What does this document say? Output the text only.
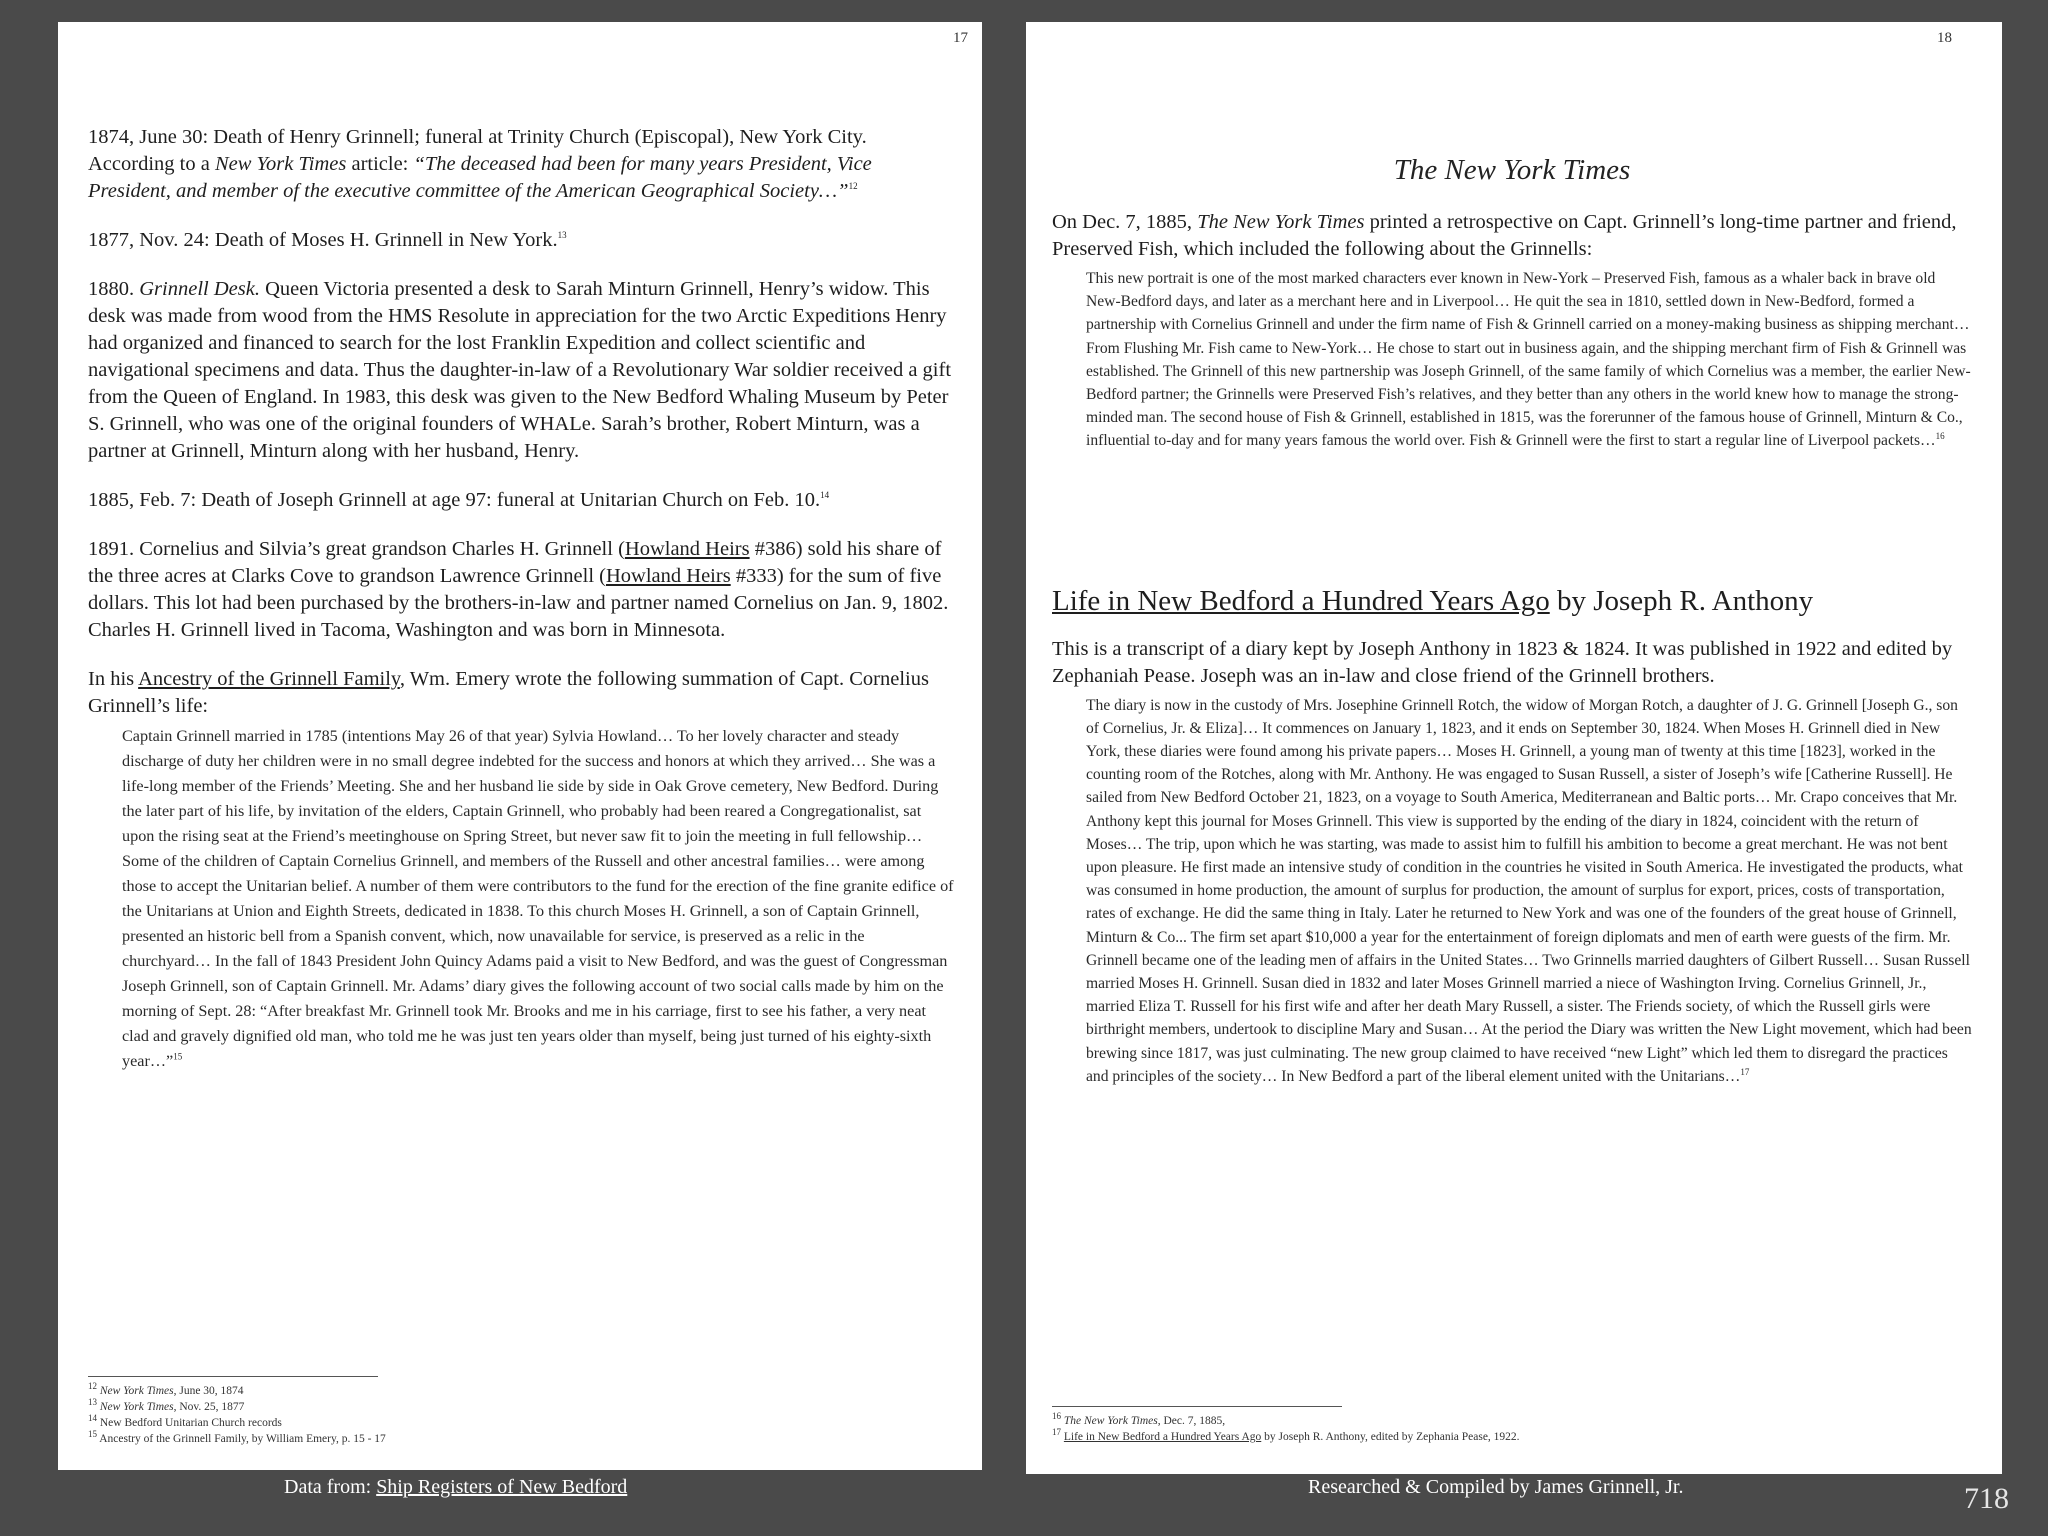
17

1874, June 30: Death of Henry Grinnell; funeral at Trinity Church (Episcopal), New York City. According to a New York Times article: “The deceased had been for many years President, Vice President, and member of the executive committee of the American Geographical Society…”$^{12}$

1877, Nov. 24: Death of Moses H. Grinnell in New York.$^{13}$

1880. Grinnell Desk. Queen Victoria presented a desk to Sarah Minturn Grinnell, Henry’s widow. This desk was made from wood from the HMS Resolute in appreciation for the two Arctic Expeditions Henry had organized and financed to search for the lost Franklin Expedition and collect scientific and navigational specimens and data. Thus the daughter-in-law of a Revolutionary War soldier received a gift from the Queen of England. In 1983, this desk was given to the New Bedford Whaling Museum by Peter S. Grinnell, who was one of the original founders of WHALe. Sarah’s brother, Robert Minturn, was a partner at Grinnell, Minturn along with her husband, Henry.

1885, Feb. 7: Death of Joseph Grinnell at age 97: funeral at Unitarian Church on Feb. 10.14

1891. Cornelius and Silvia’s great grandson Charles H. Grinnell (Howland Heirs #386) sold his share of the three acres at Clarks Cove to grandson Lawrence Grinnell (Howland Heirs #333) for the sum of five dollars. This lot had been purchased by the brothers-in-law and partner named Cornelius on Jan. 9, 1802. Charles H. Grinnell lived in Tacoma, Washington and was born in Minnesota.

In his Ancestry of the Grinnell Family, Wm. Emery wrote the following summation of Capt. Cornelius Grinnell’s life:

Captain Grinnell married in 1785 (intentions May 26 of that year) Sylvia Howland… To her lovely character and steady discharge of duty her children were in no small degree indebted for the success and honors at which they arrived… She was a life-long member of the Friends’ Meeting. She and her husband lie side by side in Oak Grove cemetery, New Bedford. During the later part of his life, by invitation of the elders, Captain Grinnell, who probably had been reared a Congregationalist, sat upon the rising seat at the Friend’s meetinghouse on Spring Street, but never saw fit to join the meeting in full fellowship… Some of the children of Captain Cornelius Grinnell, and members of the Russell and other ancestral families… were among those to accept the Unitarian belief. A number of them were contributors to the fund for the erection of the fine granite edifice of the Unitarians at Union and Eighth Streets, dedicated in 1838. To this church Moses H. Grinnell, a son of Captain Grinnell, presented an historic bell from a Spanish convent, which, now unavailable for service, is preserved as a relic in the churchyard… In the fall of 1843 President John Quincy Adams paid a visit to New Bedford, and was the guest of Congressman Joseph Grinnell, son of Captain Grinnell. Mr. Adams’ diary gives the following account of two social calls made by him on the morning of Sept. 28: “After breakfast Mr. Grinnell took Mr. Brooks and me in his carriage, first to see his father, a very neat clad and gravely dignified old man, who told me he was just ten years older than myself, being just turned of his eighty-sixth year…”$^{15}$

$^{12}$ New York Times, June 30, 1874
$^{13}$ New York Times, Nov. 25, 1877
$^{14}$ New Bedford Unitarian Church records
$^{15}$ Ancestry of the Grinnell Family, by William Emery, p. 15 - 17
18
The New York Times

On Dec. 7, 1885, The New York Times printed a retrospective on Capt. Grinnell’s long-time partner and friend, Preserved Fish, which included the following about the Grinnells:

This new portrait is one of the most marked characters ever known in New-York – Preserved Fish, famous as a whaler back in brave old New-Bedford days, and later as a merchant here and in Liverpool… He quit the sea in 1810, settled down in New-Bedford, formed a partnership with Cornelius Grinnell and under the firm name of Fish & Grinnell carried on a money-making business as shipping merchant… From Flushing Mr. Fish came to New-York… He chose to start out in business again, and the shipping merchant firm of Fish & Grinnell was established. The Grinnell of this new partnership was Joseph Grinnell, of the same family of which Cornelius was a member, the earlier New-Bedford partner; the Grinnells were Preserved Fish’s relatives, and they better than any others in the world knew how to manage the strong-minded man. The second house of Fish & Grinnell, established in 1815, was the forerunner of the famous house of Grinnell, Minturn & Co., influential to-day and for many years famous the world over. Fish & Grinnell were the first to start a regular line of Liverpool packets…$^{16}$

Life in New Bedford a Hundred Years Ago by Joseph R. Anthony

This is a transcript of a diary kept by Joseph Anthony in 1823 & 1824. It was published in 1922 and edited by Zephaniah Pease. Joseph was an in-law and close friend of the Grinnell brothers.

The diary is now in the custody of Mrs. Josephine Grinnell Rotch, the widow of Morgan Rotch, a daughter of J. G. Grinnell [Joseph G., son of Cornelius, Jr. & Eliza]… It commences on January 1, 1823, and it ends on September 30, 1824. When Moses H. Grinnell died in New York, these diaries were found among his private papers… Moses H. Grinnell, a young man of twenty at this time [1823], worked in the counting room of the Rotches, along with Mr. Anthony. He was engaged to Susan Russell, a sister of Joseph’s wife [Catherine Russell]. He sailed from New Bedford October 21, 1823, on a voyage to South America, Mediterranean and Baltic ports… Mr. Crapo conceives that Mr. Anthony kept this journal for Moses Grinnell. This view is supported by the ending of the diary in 1824, coincident with the return of Moses… The trip, upon which he was starting, was made to assist him to fulfill his ambition to become a great merchant. He was not bent upon pleasure. He first made an intensive study of condition in the countries he visited in South America. He investigated the products, what was consumed in home production, the amount of surplus for production, the amount of surplus for export, prices, costs of transportation, rates of exchange. He did the same thing in Italy. Later he returned to New York and was one of the founders of the great house of Grinnell, Minturn & Co... The firm set apart $10,000 a year for the entertainment of foreign diplomats and men of earth were guests of the firm. Mr. Grinnell became one of the leading men of affairs in the United States… Two Grinnells married daughters of Gilbert Russell… Susan Russell married Moses H. Grinnell. Susan died in 1832 and later Moses Grinnell married a niece of Washington Irving. Cornelius Grinnell, Jr., married Eliza T. Russell for his first wife and after her death Mary Russell, a sister. The Friends society, of which the Russell girls were birthright members, undertook to discipline Mary and Susan… At the period the Diary was written the New Light movement, which had been brewing since 1817, was just culminating. The new group claimed to have received “new Light” which led them to disregard the practices and principles of the society… In New Bedford a part of the liberal element united with the Unitarians…$^{17}$

$^{16}$ The New York Times, Dec. 7, 1885,
$^{17}$ Life in New Bedford a Hundred Years Ago by Joseph R. Anthony, edited by Zephania Pease, 1922.
Data from: Ship Registers of New Bedford	Researched & Compiled by James Grinnell, Jr.	718
